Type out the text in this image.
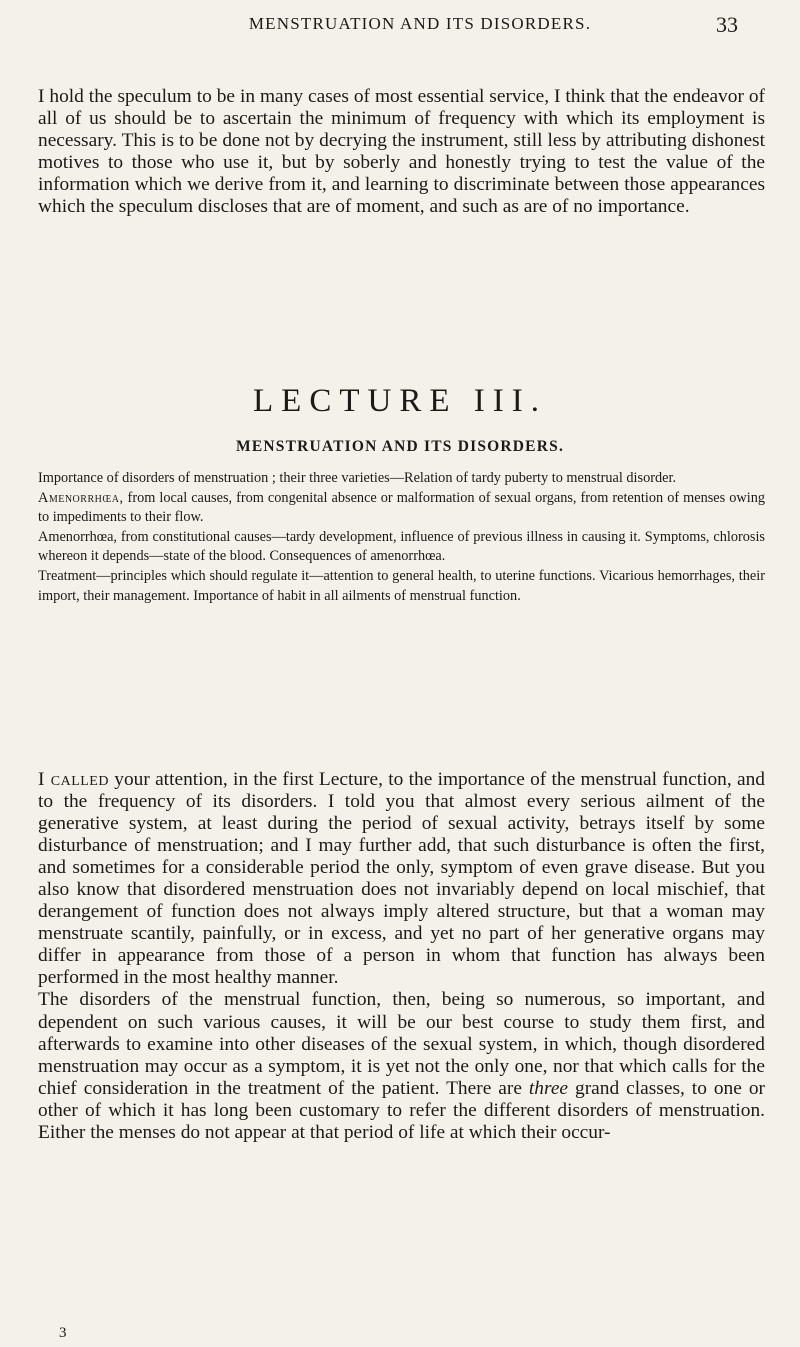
MENSTRUATION AND ITS DISORDERS.	33

I hold the speculum to be in many cases of most essential service, I think that the endeavor of all of us should be to ascertain the minimum of frequency with which its employment is necessary. This is to be done not by decrying the instrument, still less by attributing dishonest motives to those who use it, but by soberly and honestly trying to test the value of the information which we derive from it, and learning to discriminate between those appearances which the speculum discloses that are of moment, and such as are of no importance.

LECTURE III.
MENSTRUATION AND ITS DISORDERS.

Importance of disorders of menstruation ; their three varieties—Relation of tardy puberty to menstrual disorder.

Amenorrhœa, from local causes, from congenital absence or malformation of sexual organs, from retention of menses owing to impediments to their flow.

Amenorrhœa, from constitutional causes—tardy development, influence of previous illness in causing it. Symptoms, chlorosis whereon it depends—state of the blood. Consequences of amenorrhœa.

Treatment—principles which should regulate it—attention to general health, to uterine functions. Vicarious hemorrhages, their import, their management. Importance of habit in all ailments of menstrual function.

I called your attention, in the first Lecture, to the importance of the menstrual function, and to the frequency of its disorders. I told you that almost every serious ailment of the generative system, at least during the period of sexual activity, betrays itself by some disturbance of menstruation; and I may further add, that such disturbance is often the first, and sometimes for a considerable period the only, symptom of even grave disease. But you also know that disordered menstruation does not invariably depend on local mischief, that derangement of function does not always imply altered structure, but that a woman may menstruate scantily, painfully, or in excess, and yet no part of her generative organs may differ in appearance from those of a person in whom that function has always been performed in the most healthy manner.

The disorders of the menstrual function, then, being so numerous, so important, and dependent on such various causes, it will be our best course to study them first, and afterwards to examine into other diseases of the sexual system, in which, though disordered menstruation may occur as a symptom, it is yet not the only one, nor that which calls for the chief consideration in the treatment of the patient. There are three grand classes, to one or other of which it has long been customary to refer the different disorders of menstruation. Either the menses do not appear at that period of life at which their occur-

3
